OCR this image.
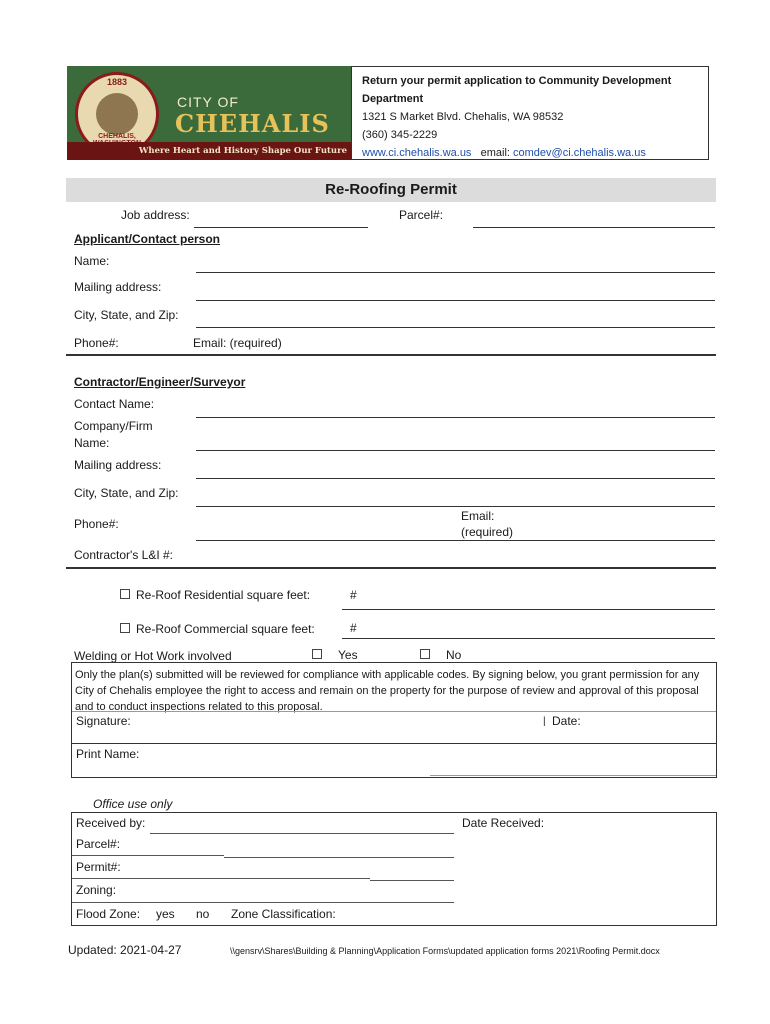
1883
CHEHALIS,
CITY OF
CHEHALIS
Where Heart and History Shape Our Future
Return your permit application to Community Development Department
1321 S Market Blvd. Chehalis, WA 98532
(360) 345-2229
www.ci.chehalis.wa.us email: comdev@ci.chehalis.wa.us
Re-Roofing Permit
Job address:	Parcel#:
Applicant/Contact person
Name:
Mailing address:
City, State, and Zip:
Phone#:	Email: (required)
Contractor/Engineer/Surveyor
Contact Name:
Company/Firm
Name:
Mailing address:
City, State, and Zip:
Phone#:
Email:
(required)
Contractor's L&I #:
Re-Roof Residential square feet:	#
Re-Roof Commercial square feet:	#
Welding or Hot Work involved	Yes	No
Only the plan(s) submitted will be reviewed for compliance with applicable codes. By signing below, you grant permission for any
City of Chehalis employee the right to access and remain on the property for the purpose of review and approval of this proposal
and to conduct inspections related to this proposal.
Signature:	| Date:
Print Name:
Office use only
Received by:	Date Received:
Parcel#:
Permit#:
Zoning:
Flood Zone: yes no Zone Classification:
Updated: 2021-04-27	\\gensrv\Shares\Building & Planning\Application Forms\updated application forms 2021\Roofing Permit.docx
